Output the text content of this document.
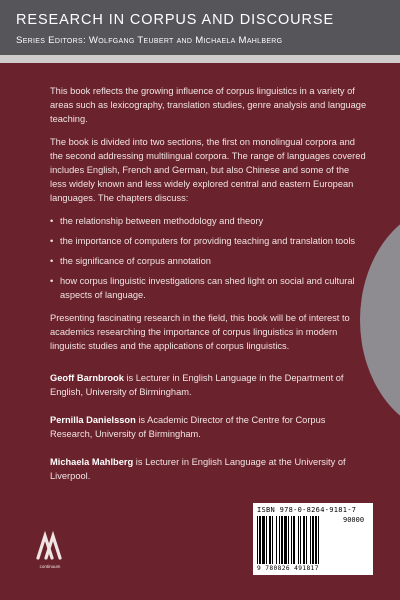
RESEARCH IN CORPUS AND DISCOURSE
Series Editors: Wolfgang Teubert and Michaela Mahlberg

This book reflects the growing influence of corpus linguistics in a variety of areas such as lexicography, translation studies, genre analysis and language teaching.

The book is divided into two sections, the first on monolingual corpora and the second addressing multilingual corpora. The range of languages covered includes English, French and German, but also Chinese and some of the less widely known and less widely explored central and eastern European languages. The chapters discuss:

• the relationship between methodology and theory
• the importance of computers for providing teaching and translation tools
• the significance of corpus annotation
• how corpus linguistic investigations can shed light on social and cultural aspects of language.

Presenting fascinating research in the field, this book will be of interest to academics researching the importance of corpus linguistics in modern linguistic studies and the applications of corpus linguistics.

Geoff Barnbrook is Lecturer in English Language in the Department of English, University of Birmingham.

Pernilla Danielsson is Academic Director of the Centre for Corpus Research, University of Birmingham.

Michaela Mahlberg is Lecturer in English Language at the University of Liverpool.

continuum
ISBN 978-0-8264-9181-7
90000
9 780826 491817
